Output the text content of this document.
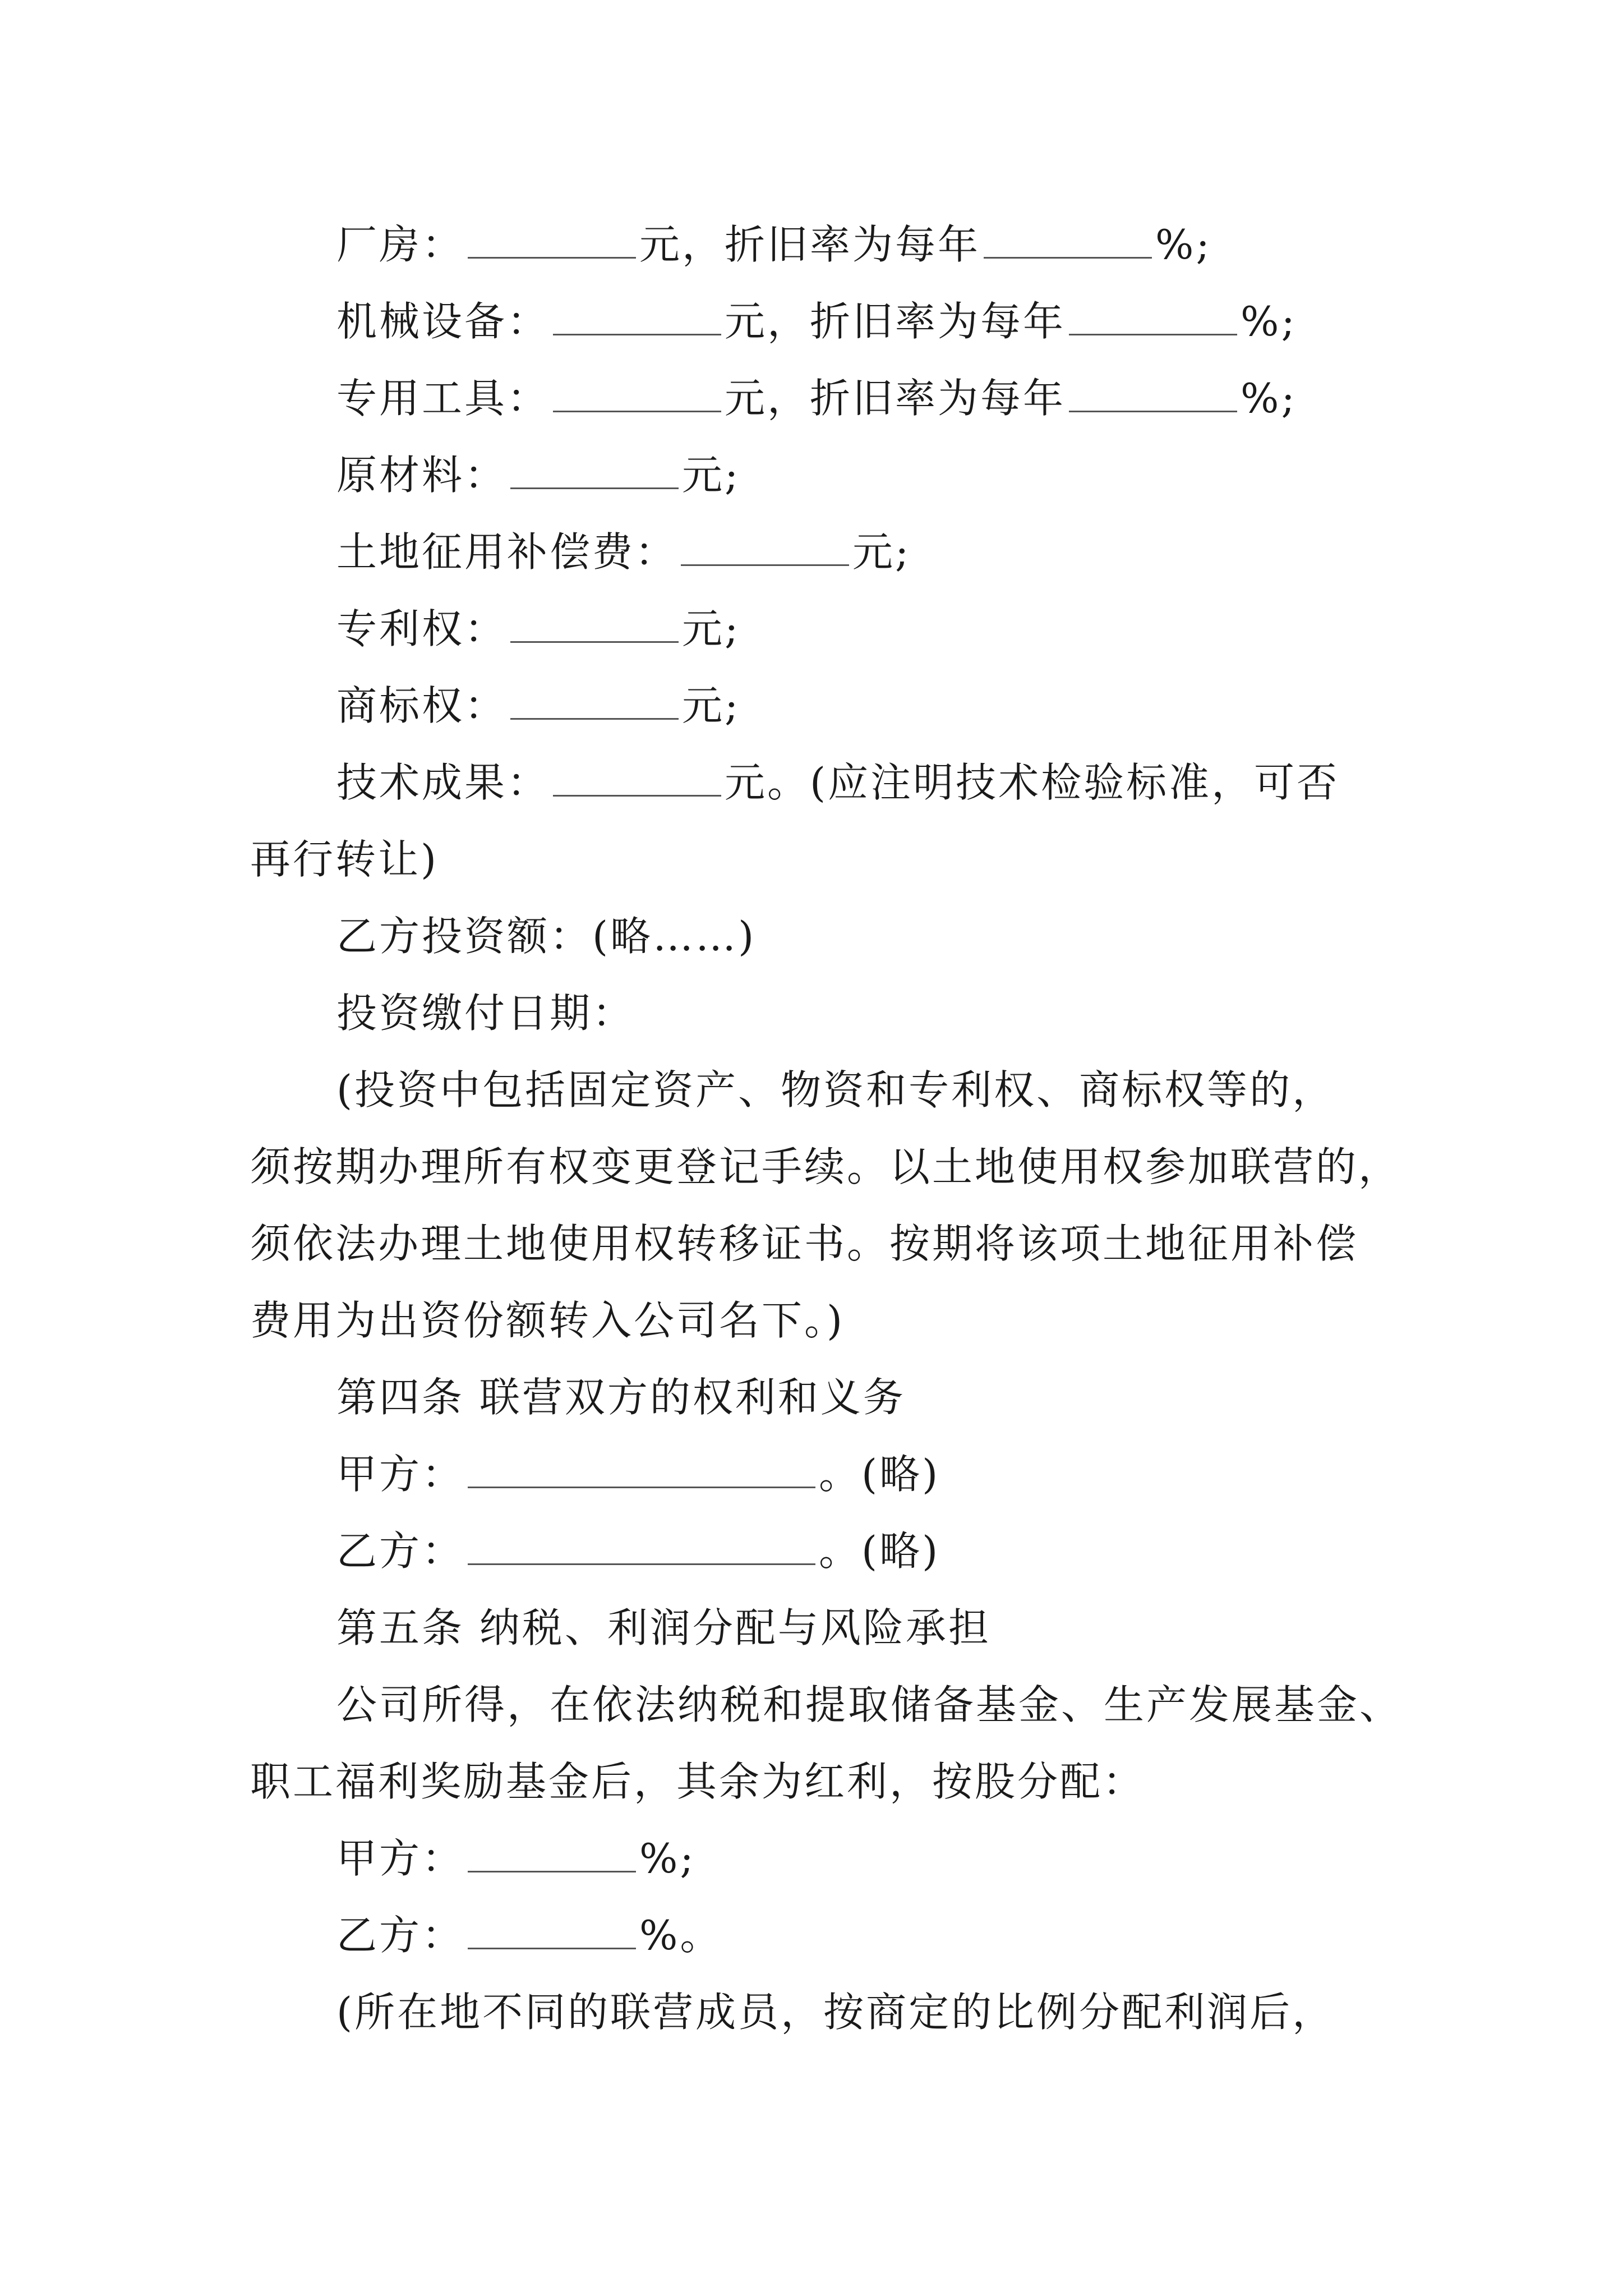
厂房：	元，折旧率为每年	%;
机械设备：	元，折旧率为每年	%;
专用工具：	元，折旧率为每年	%;
原材料：	元;
土地征用补偿费：	元;
专利权：	元;
商标权：	元;
技术成果：	元。(应注明技术检验标准，可否
再行转让)
乙方投资额：(略……)
投资缴付日期：
(投资中包括固定资产、物资和专利权、商标权等的，
须按期办理所有权变更登记手续。以土地使用权参加联营的，
须依法办理土地使用权转移证书。按期将该项土地征用补偿
费用为出资份额转入公司名下。)
第四条 联营双方的权利和义务
甲方：	。(略)
乙方：	。(略)
第五条 纳税、利润分配与风险承担
公司所得，在依法纳税和提取储备基金、生产发展基金、
职工福利奖励基金后，其余为红利，按股分配：
甲方：	%;
乙方：	%。
(所在地不同的联营成员，按商定的比例分配利润后，
